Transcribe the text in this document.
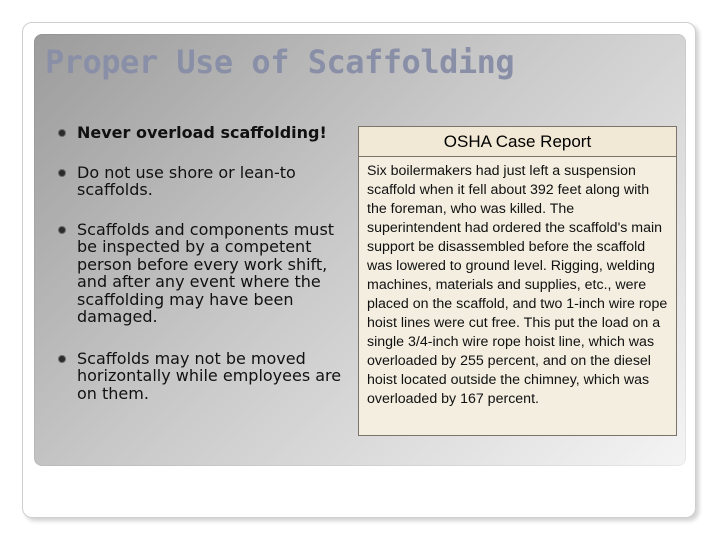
Proper Use of Scaffolding
Never overload scaffolding!
Do not use shore or lean-to scaffolds.
Scaffolds and components must be inspected by a competent person before every work shift, and after any event where the scaffolding may have been damaged.
Scaffolds may not be moved horizontally while employees are on them.
OSHA Case Report
Six boilermakers had just left a suspension scaffold when it fell about 392 feet along with the foreman, who was killed. The superintendent had ordered the scaffold's main support be disassembled before the scaffold was lowered to ground level. Rigging, welding machines, materials and supplies, etc., were placed on the scaffold, and two 1-inch wire rope hoist lines were cut free. This put the load on a single 3/4-inch wire rope hoist line, which was overloaded by 255 percent, and on the diesel hoist located outside the chimney, which was overloaded by 167 percent.
